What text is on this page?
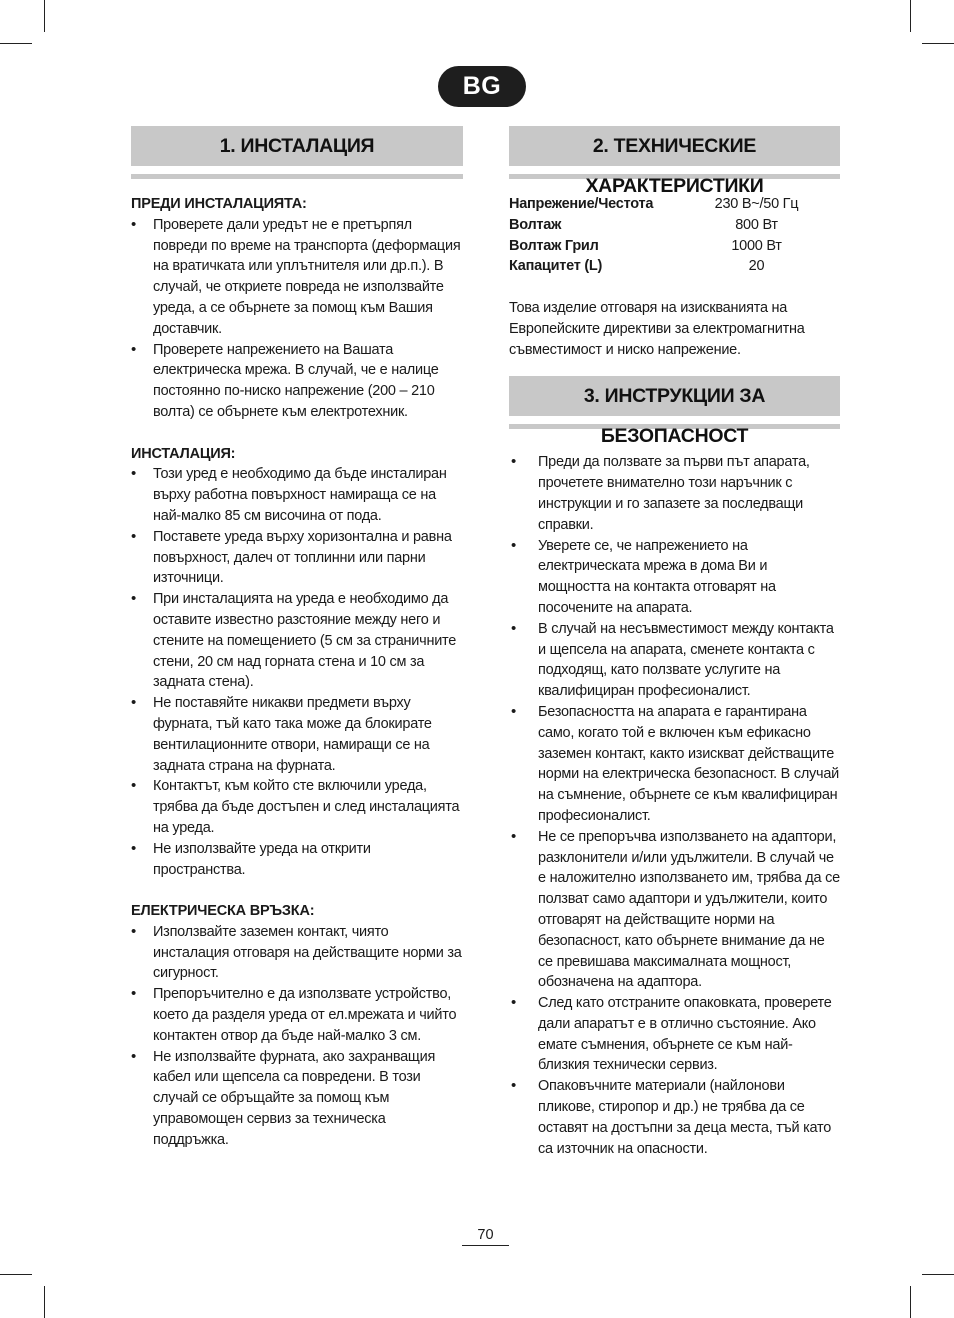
BG
1. ИНСТАЛАЦИЯ
ПРЕДИ ИНСТАЛАЦИЯТА:
• Проверете дали уредът не е претърпял повреди по време на транспорта (деформация на вратичката или уплътнителя или др.п.). В случай, че откриете повреда не използвайте уреда, а се обърнете за помощ към Вашия доставчик.
• Проверете напрежението на Вашата електрическа мрежа. В случай, че е налице постоянно по-ниско напрежение (200 – 210 волта) се обърнете към електротехник.
ИНСТАЛАЦИЯ:
• Този уред е необходимо да бъде инсталиран върху работна повърхност намираща се на най-малко 85 см височина от пода.
• Поставете уреда върху хоризонтална и равна повърхност, далеч от топлинни или парни източници.
• При инсталацията на уреда е необходимо да оставите известно разстояние между него и стените на помещението (5 см за страничните стени, 20 см над горната стена и 10 см за задната стена).
• Не поставяйте никакви предмети върху фурната, тъй като така може да блокирате вентилационните отвори, намиращи се на задната страна на фурната.
• Контактът, към който сте включили уреда, трябва да бъде достъпен и след инсталацията на уреда.
• Не използвайте уреда на открити пространства.
ЕЛЕКТРИЧЕСКА ВРЪЗКА:
• Използвайте заземен контакт, чиято инсталация отговаря на действащите норми за сигурност.
• Препоръчително е да използвате устройство, което да разделя уреда от ел.мрежата и чийто контактен отвор да бъде най-малко 3 см.
• Не използвайте фурната, ако захранващия кабел или щепсела са повредени. В този случай се обръщайте за помощ към упpавомощен сервиз за техническа поддръжка.
2. ТЕХНИЧЕСКИЕ ХАРАКТЕРИСТИКИ
Напрежение/Честота	230 В~/50 Гц
Волтаж	800 Вт
Волтаж Грил	1000 Вт
Капацитет (L)	20

Това изделие отговаря на изискванията на Европейските директиви за електромагнитна съвместимост и ниско напрежение.

3. ИНСТРУКЦИИ ЗА БЕЗОПАСНОСТ
• Преди да ползвате за първи път апарата, прочетете внимателно този наръчник с инструкции и го запазете за последващи справки.
• Уверете се, че напрежението на електрическата мрежа в дома Ви и мощността на контакта отговарят на посочените на апарата.
• В случай на несъвместимост между контакта и щепсела на апарата, сменете контакта с подходящ, като ползвате услугите на квалифициран професионалист.
• Безопасността на апарата е гарантирана само, когато той е включен към ефикасно заземен контакт, както изискват действащите норми на електрическа безопасност. В случай на съмнение, обърнете се към квалифициран професионалист.
• Не се препоръчва използването на адаптори, разклонители и/или удължители. В случай че е наложително използването им, трябва да се ползват само адаптори и удължители, които отговарят на действащите норми на безопасност, като обърнете внимание да не се превишава максималната мощност, обозначена на адаптора.
• След като отстраните опаковката, проверете дали апаратът е в отлично състояние. Ако емате съмнения, обърнете се към най-близкия технически сервиз.
• Опаковъчните материали (найлонови пликове, стиропор и др.) не трябва да се оставят на достъпни за деца места, тъй като са източник на опасности.
70
